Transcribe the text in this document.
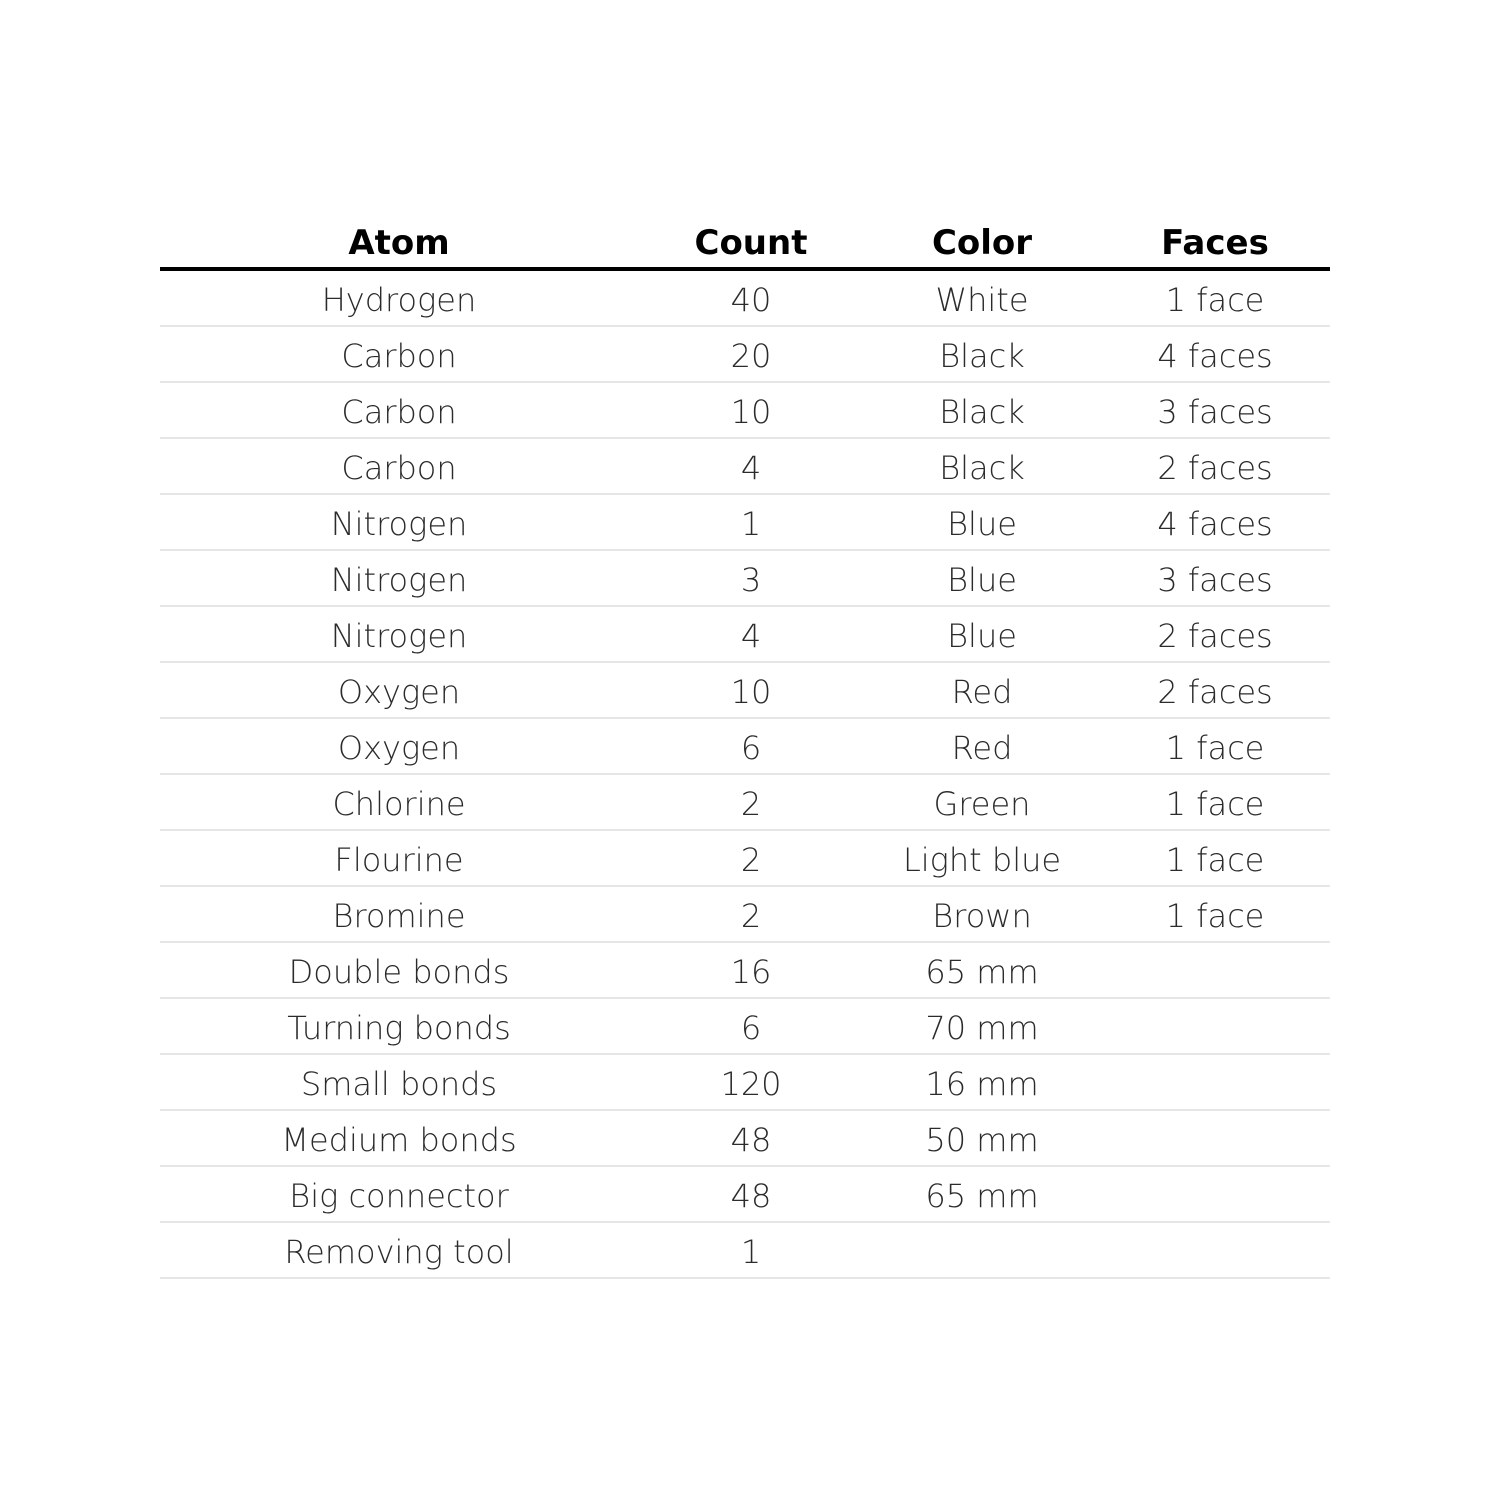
Atom	Count	Color	Faces
Hydrogen	40	White	1 face
Carbon	20	Black	4 faces
Carbon	10	Black	3 faces
Carbon	4	Black	2 faces
Nitrogen	1	Blue	4 faces
Nitrogen	3	Blue	3 faces
Nitrogen	4	Blue	2 faces
Oxygen	10	Red	2 faces
Oxygen	6	Red	1 face
Chlorine	2	Green	1 face
Flourine	2	Light blue	1 face
Bromine	2	Brown	1 face
Double bonds	16	65 mm
Turning bonds	6	70 mm
Small bonds	120	16 mm
Medium bonds	48	50 mm
Big connector	48	65 mm
Removing tool	1
